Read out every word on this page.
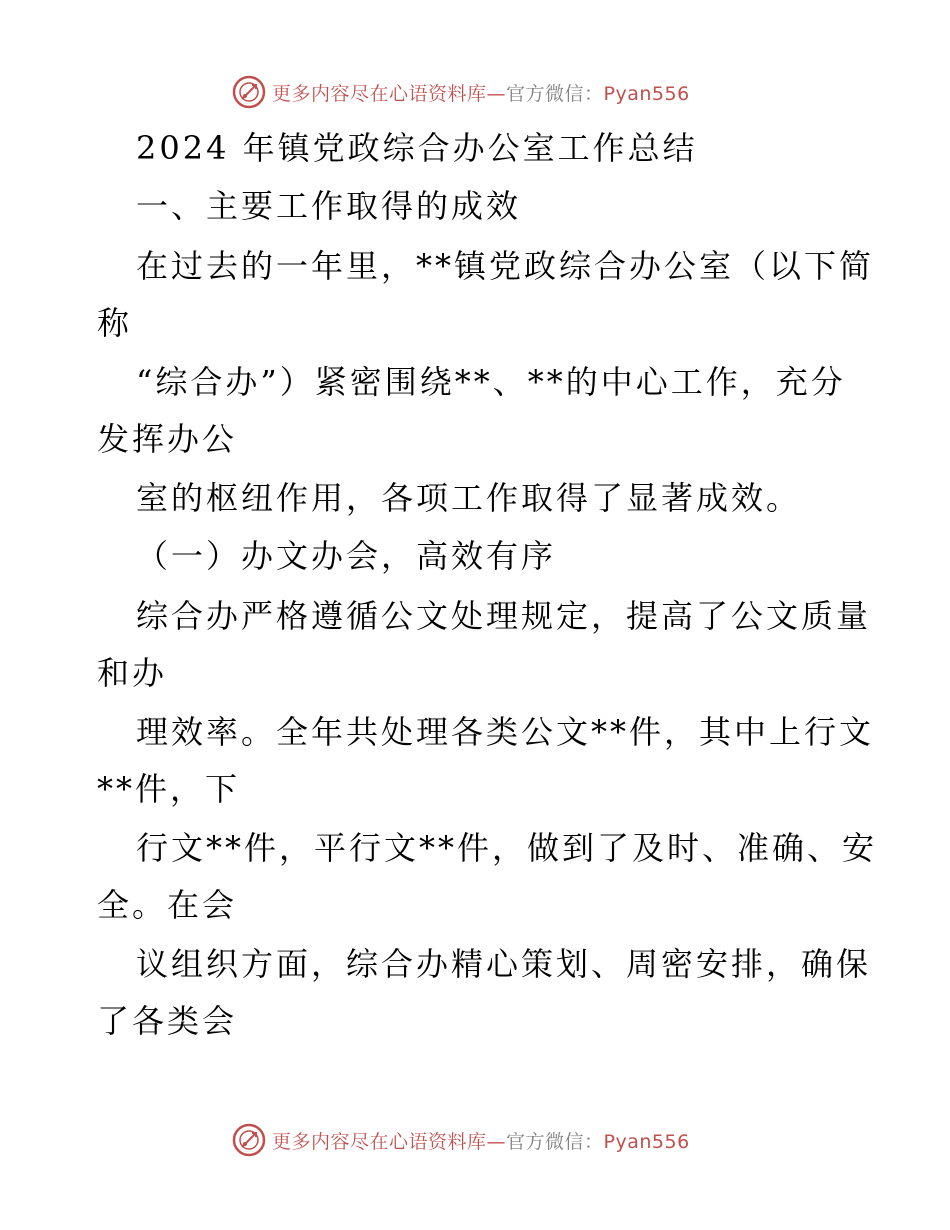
更多内容尽在心语资料库—官方微信：Pyan556
2024 年镇党政综合办公室工作总结
一、主要工作取得的成效
在过去的一年里，**镇党政综合办公室（以下简
称
“综合办”）紧密围绕**、**的中心工作，充分
发挥办公
室的枢纽作用，各项工作取得了显著成效。
（一）办文办会，高效有序
综合办严格遵循公文处理规定，提高了公文质量
和办
理效率。全年共处理各类公文**件，其中上行文
**件，下
行文**件，平行文**件，做到了及时、准确、安
全。在会
议组织方面，综合办精心策划、周密安排，确保
了各类会
更多内容尽在心语资料库—官方微信：Pyan556
